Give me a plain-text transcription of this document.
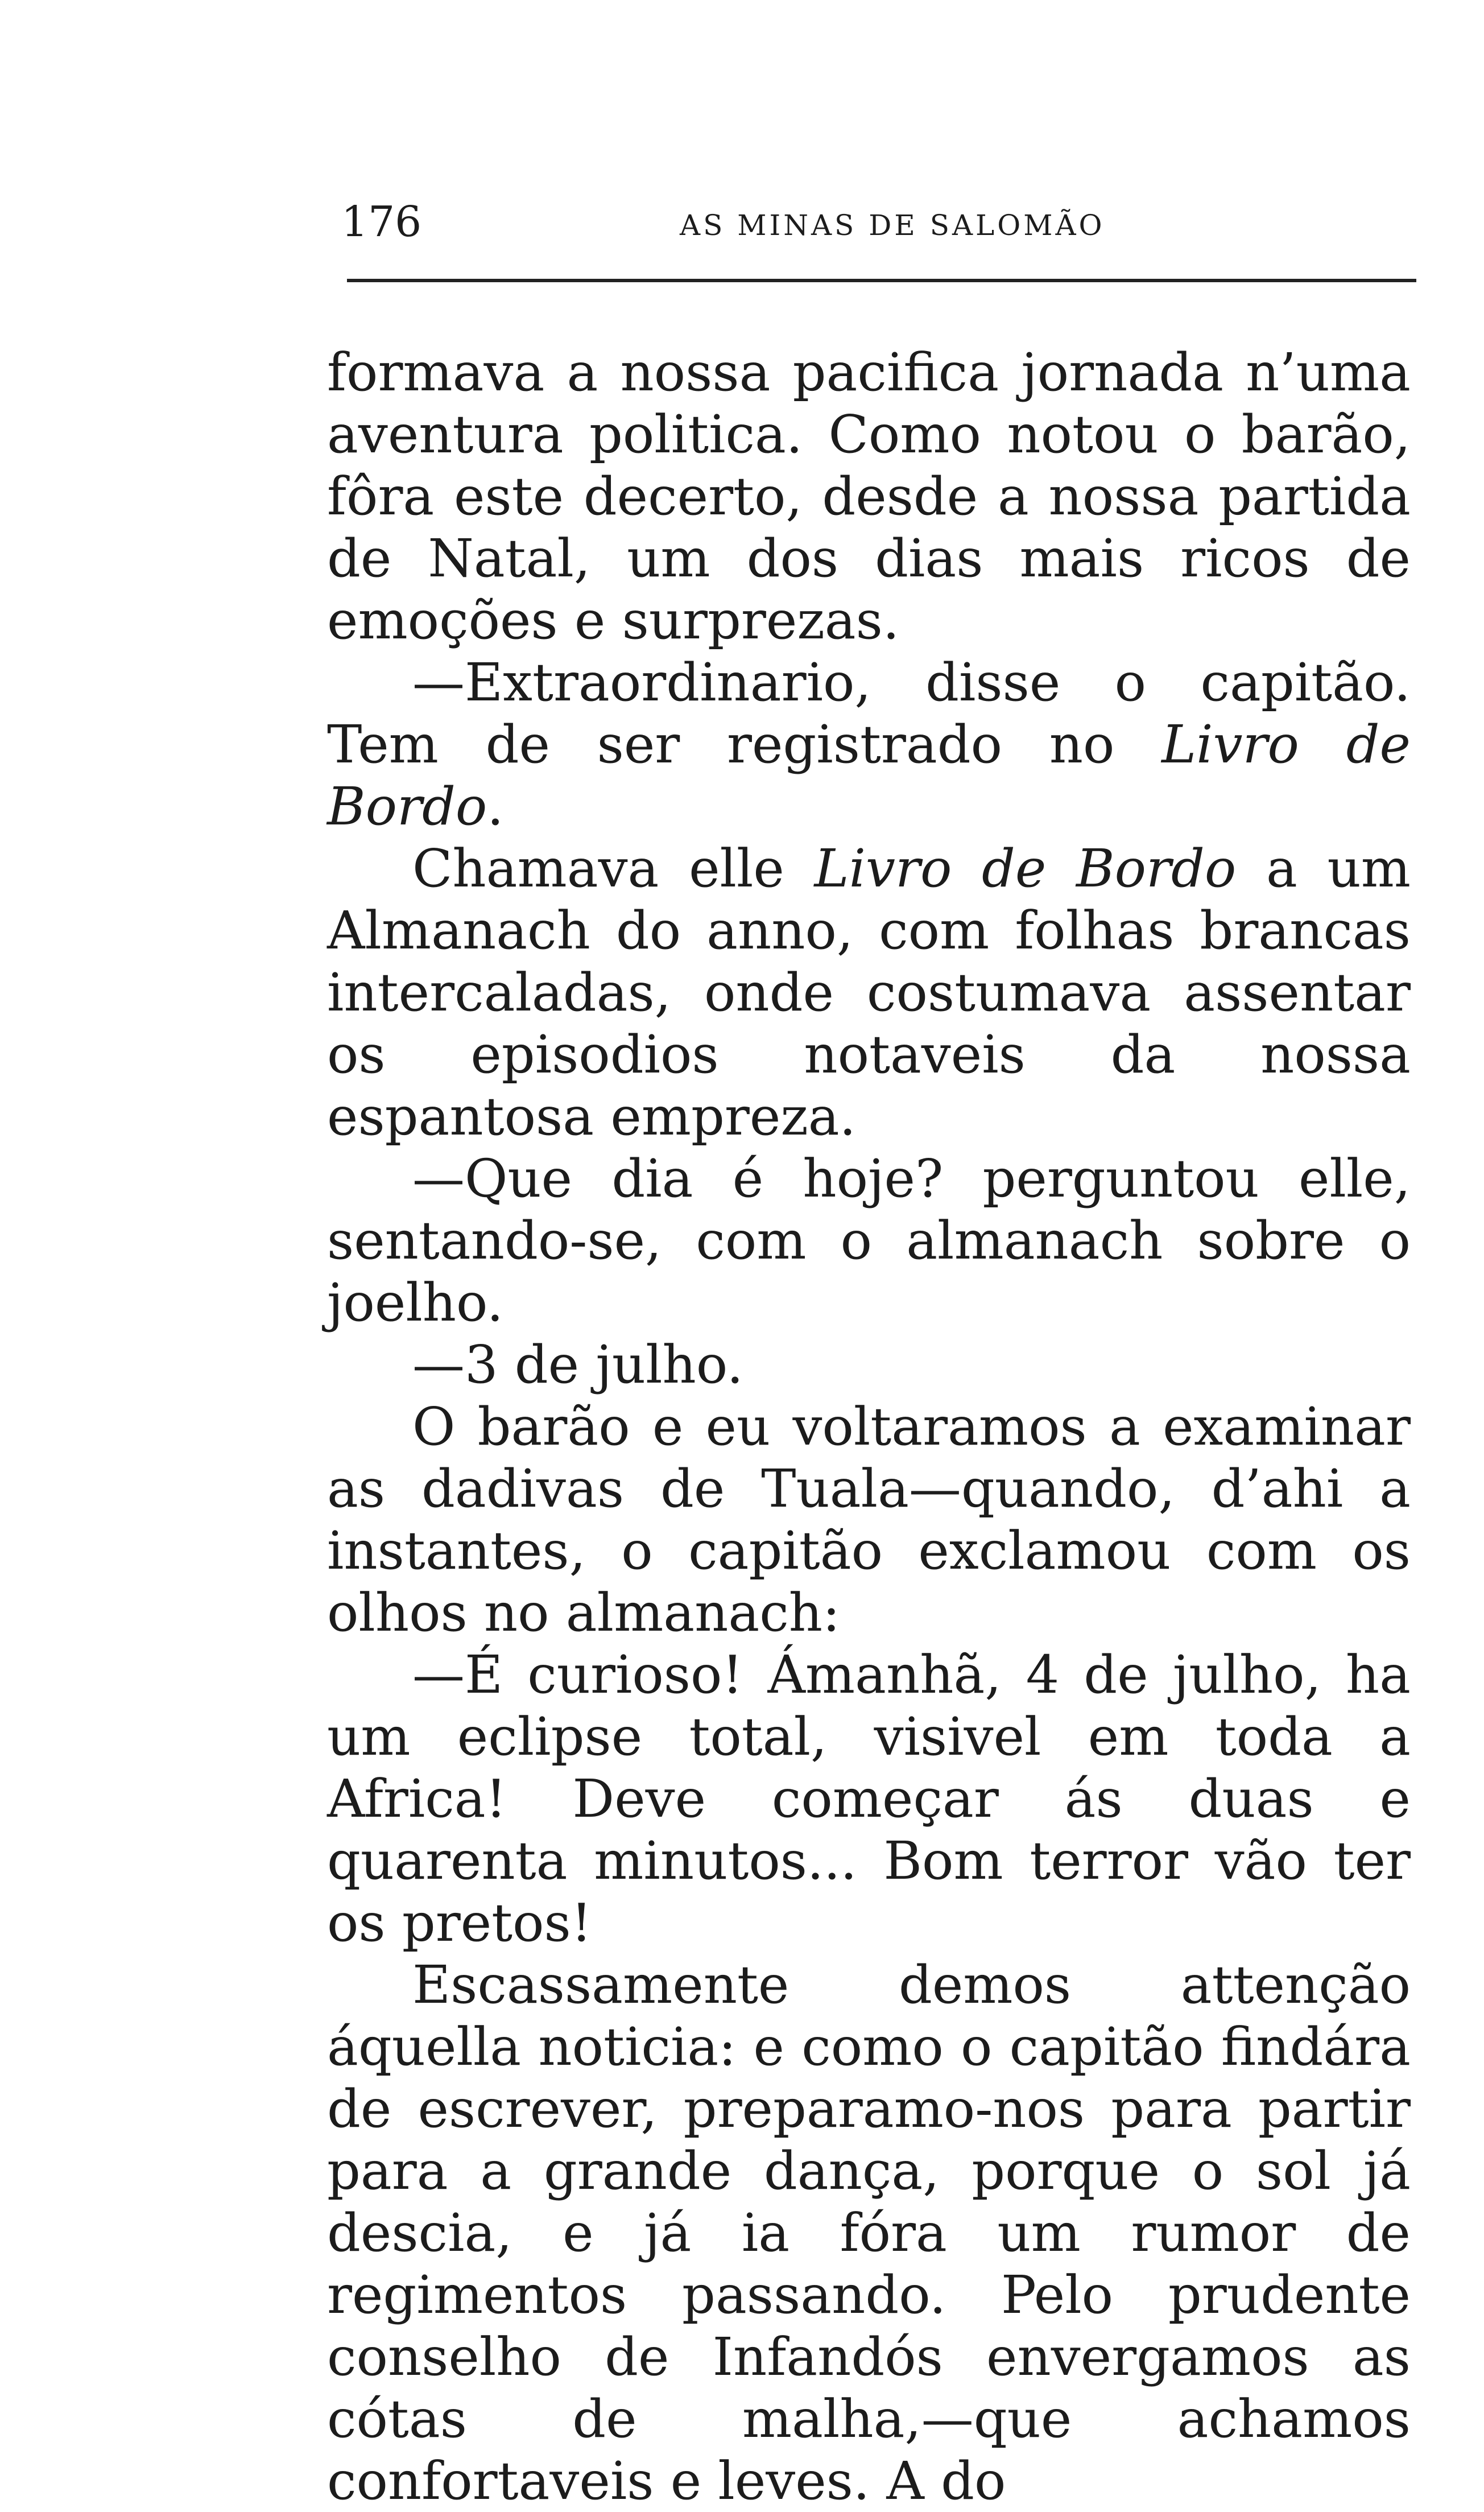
176	AS MINAS DE SALOMÃO

formava a nossa pacifica jornada n’uma aventura politica. Como notou o barão, fôra este decerto, desde a nossa partida de Natal, um dos dias mais ricos de emoções e surprezas.

—Extraordinario, disse o capitão. Tem de ser registrado no Livro de Bordo.

Chamava elle Livro de Bordo a um Almanach do anno, com folhas brancas intercaladas, onde costumava assentar os episodios notaveis da nossa espantosa empreza.

—Que dia é hoje? perguntou elle, sentando-se, com o almanach sobre o joelho.

—3 de julho.

O barão e eu voltaramos a examinar as dadivas de Tuala—quando, d’ahi a instantes, o capitão exclamou com os olhos no almanach:

—É curioso! Ámanhã, 4 de julho, ha um eclipse total, visivel em toda a Africa! Deve começar ás duas e quarenta minutos... Bom terror vão ter os pretos!

Escassamente demos attenção áquella noticia: e como o capitão findára de escrever, preparamo-nos para partir para a grande dança, porque o sol já descia, e já ia fóra um rumor de regimentos passando. Pelo prudente conselho de Infandós envergamos as cótas de malha,—que achamos confortaveis e leves. A do
